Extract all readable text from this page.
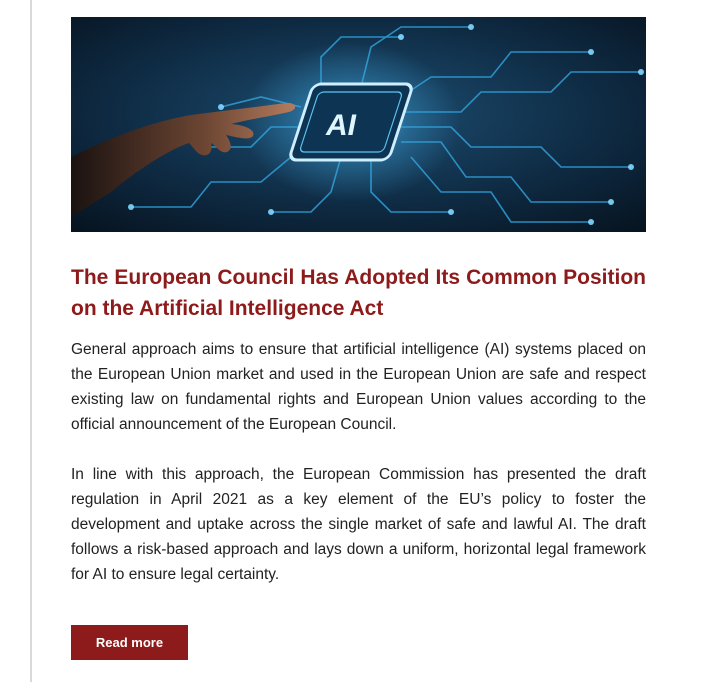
AI
The European Council Has Adopted Its Common Position on the Artificial Intelligence Act

General approach aims to ensure that artificial intelligence (AI) systems placed on the European Union market and used in the European Union are safe and respect existing law on fundamental rights and European Union values according to the official announcement of the European Council.

In line with this approach, the European Commission has presented the draft regulation in April 2021 as a key element of the EU’s policy to foster the development and uptake across the single market of safe and lawful AI. The draft follows a risk-based approach and lays down a uniform, horizontal legal framework for AI to ensure legal certainty.

Read more
